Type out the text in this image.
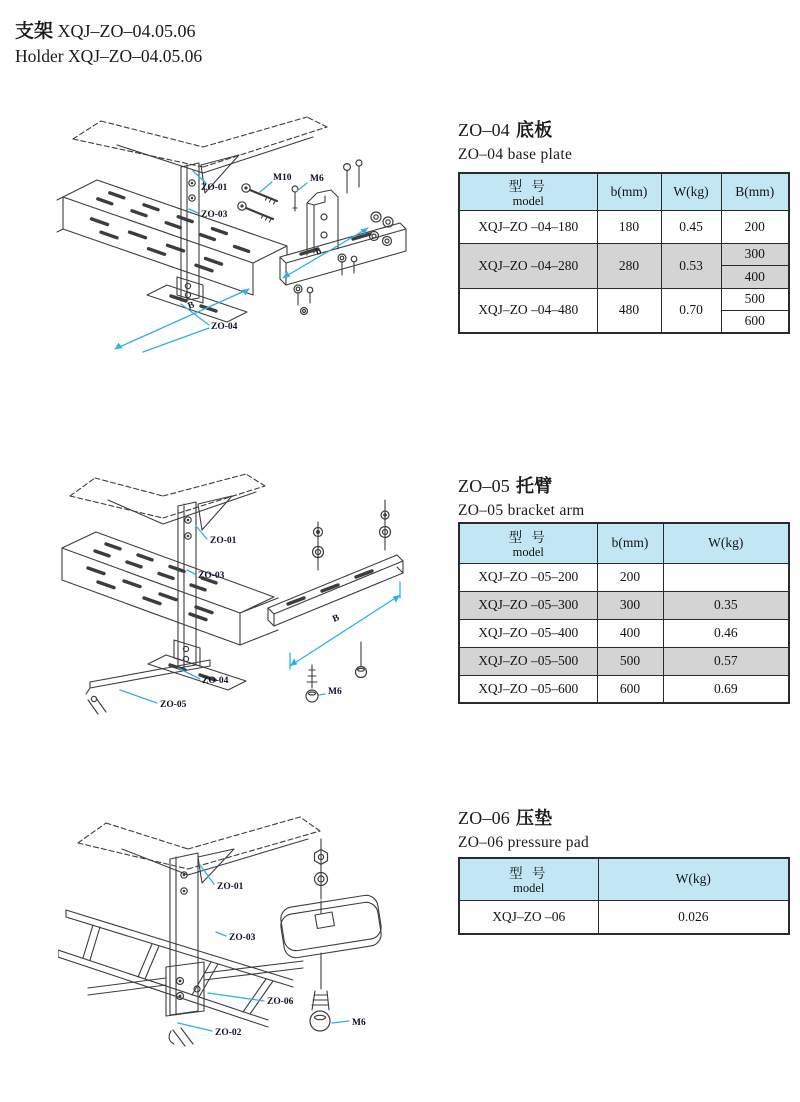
支架 XQJ–ZO–04.05.06
Holder XQJ–ZO–04.05.06
ZO-01
ZO-03
ZO-04
M10 M6
B
b
ZO–04 底板
ZO–04 base plate
型 号
model	b(mm)	W(kg)	B(mm)
XQJ–ZO –04–180	180	0.45	200
XQJ–ZO –04–280	280	0.53	300
			400
XQJ–ZO –04–480	480	0.70	500
			600
ZO-01
ZO-03
ZO-04
ZO-05
M6
B
ZO–05 托臂
ZO–05 bracket arm
型 号
model	b(mm)	W(kg)
XQJ–ZO –05–200	200	
XQJ–ZO –05–300	300	0.35
XQJ–ZO –05–400	400	0.46
XQJ–ZO –05–500	500	0.57
XQJ–ZO –05–600	600	0.69
ZO-01
ZO-03
ZO-06
ZO-02
M6
ZO–06 压垫
ZO–06 pressure pad
型 号
model	W(kg)
XQJ–ZO –06	0.026
